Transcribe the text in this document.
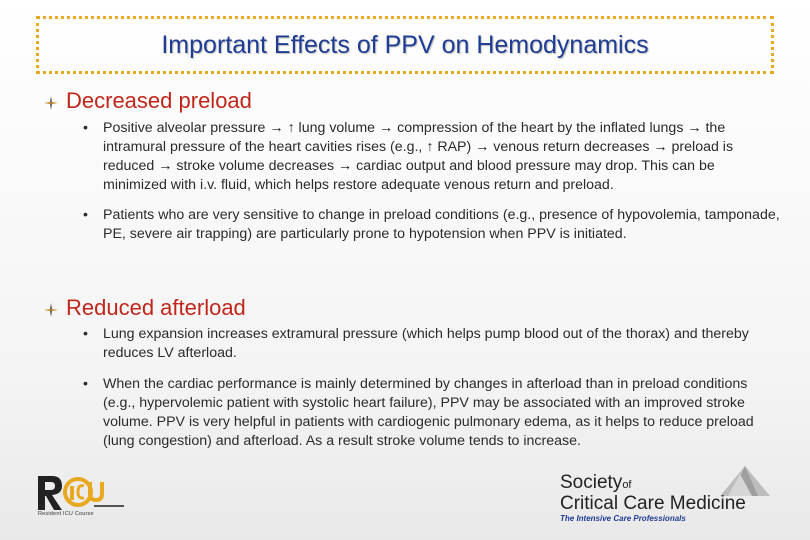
Important Effects of PPV on Hemodynamics
Decreased preload
• Positive alveolar pressure → ↑ lung volume → compression of the heart by the inflated lungs → the intramural pressure of the heart cavities rises (e.g., ↑ RAP) → venous return decreases → preload is reduced → stroke volume decreases → cardiac output and blood pressure may drop. This can be minimized with i.v. fluid, which helps restore adequate venous return and preload.
• Patients who are very sensitive to change in preload conditions (e.g., presence of hypovolemia, tamponade, PE, severe air trapping) are particularly prone to hypotension when PPV is initiated.
Reduced afterload
• Lung expansion increases extramural pressure (which helps pump blood out of the thorax) and thereby reduces LV afterload.
• When the cardiac performance is mainly determined by changes in afterload than in preload conditions (e.g., hypervolemic patient with systolic heart failure), PPV may be associated with an improved stroke volume. PPV is very helpful in patients with cardiogenic pulmonary edema, as it helps to reduce preload (lung congestion) and afterload. As a result stroke volume tends to increase.
Resident ICU Course
Societyof
Critical Care Medicine
The Intensive Care Professionals
